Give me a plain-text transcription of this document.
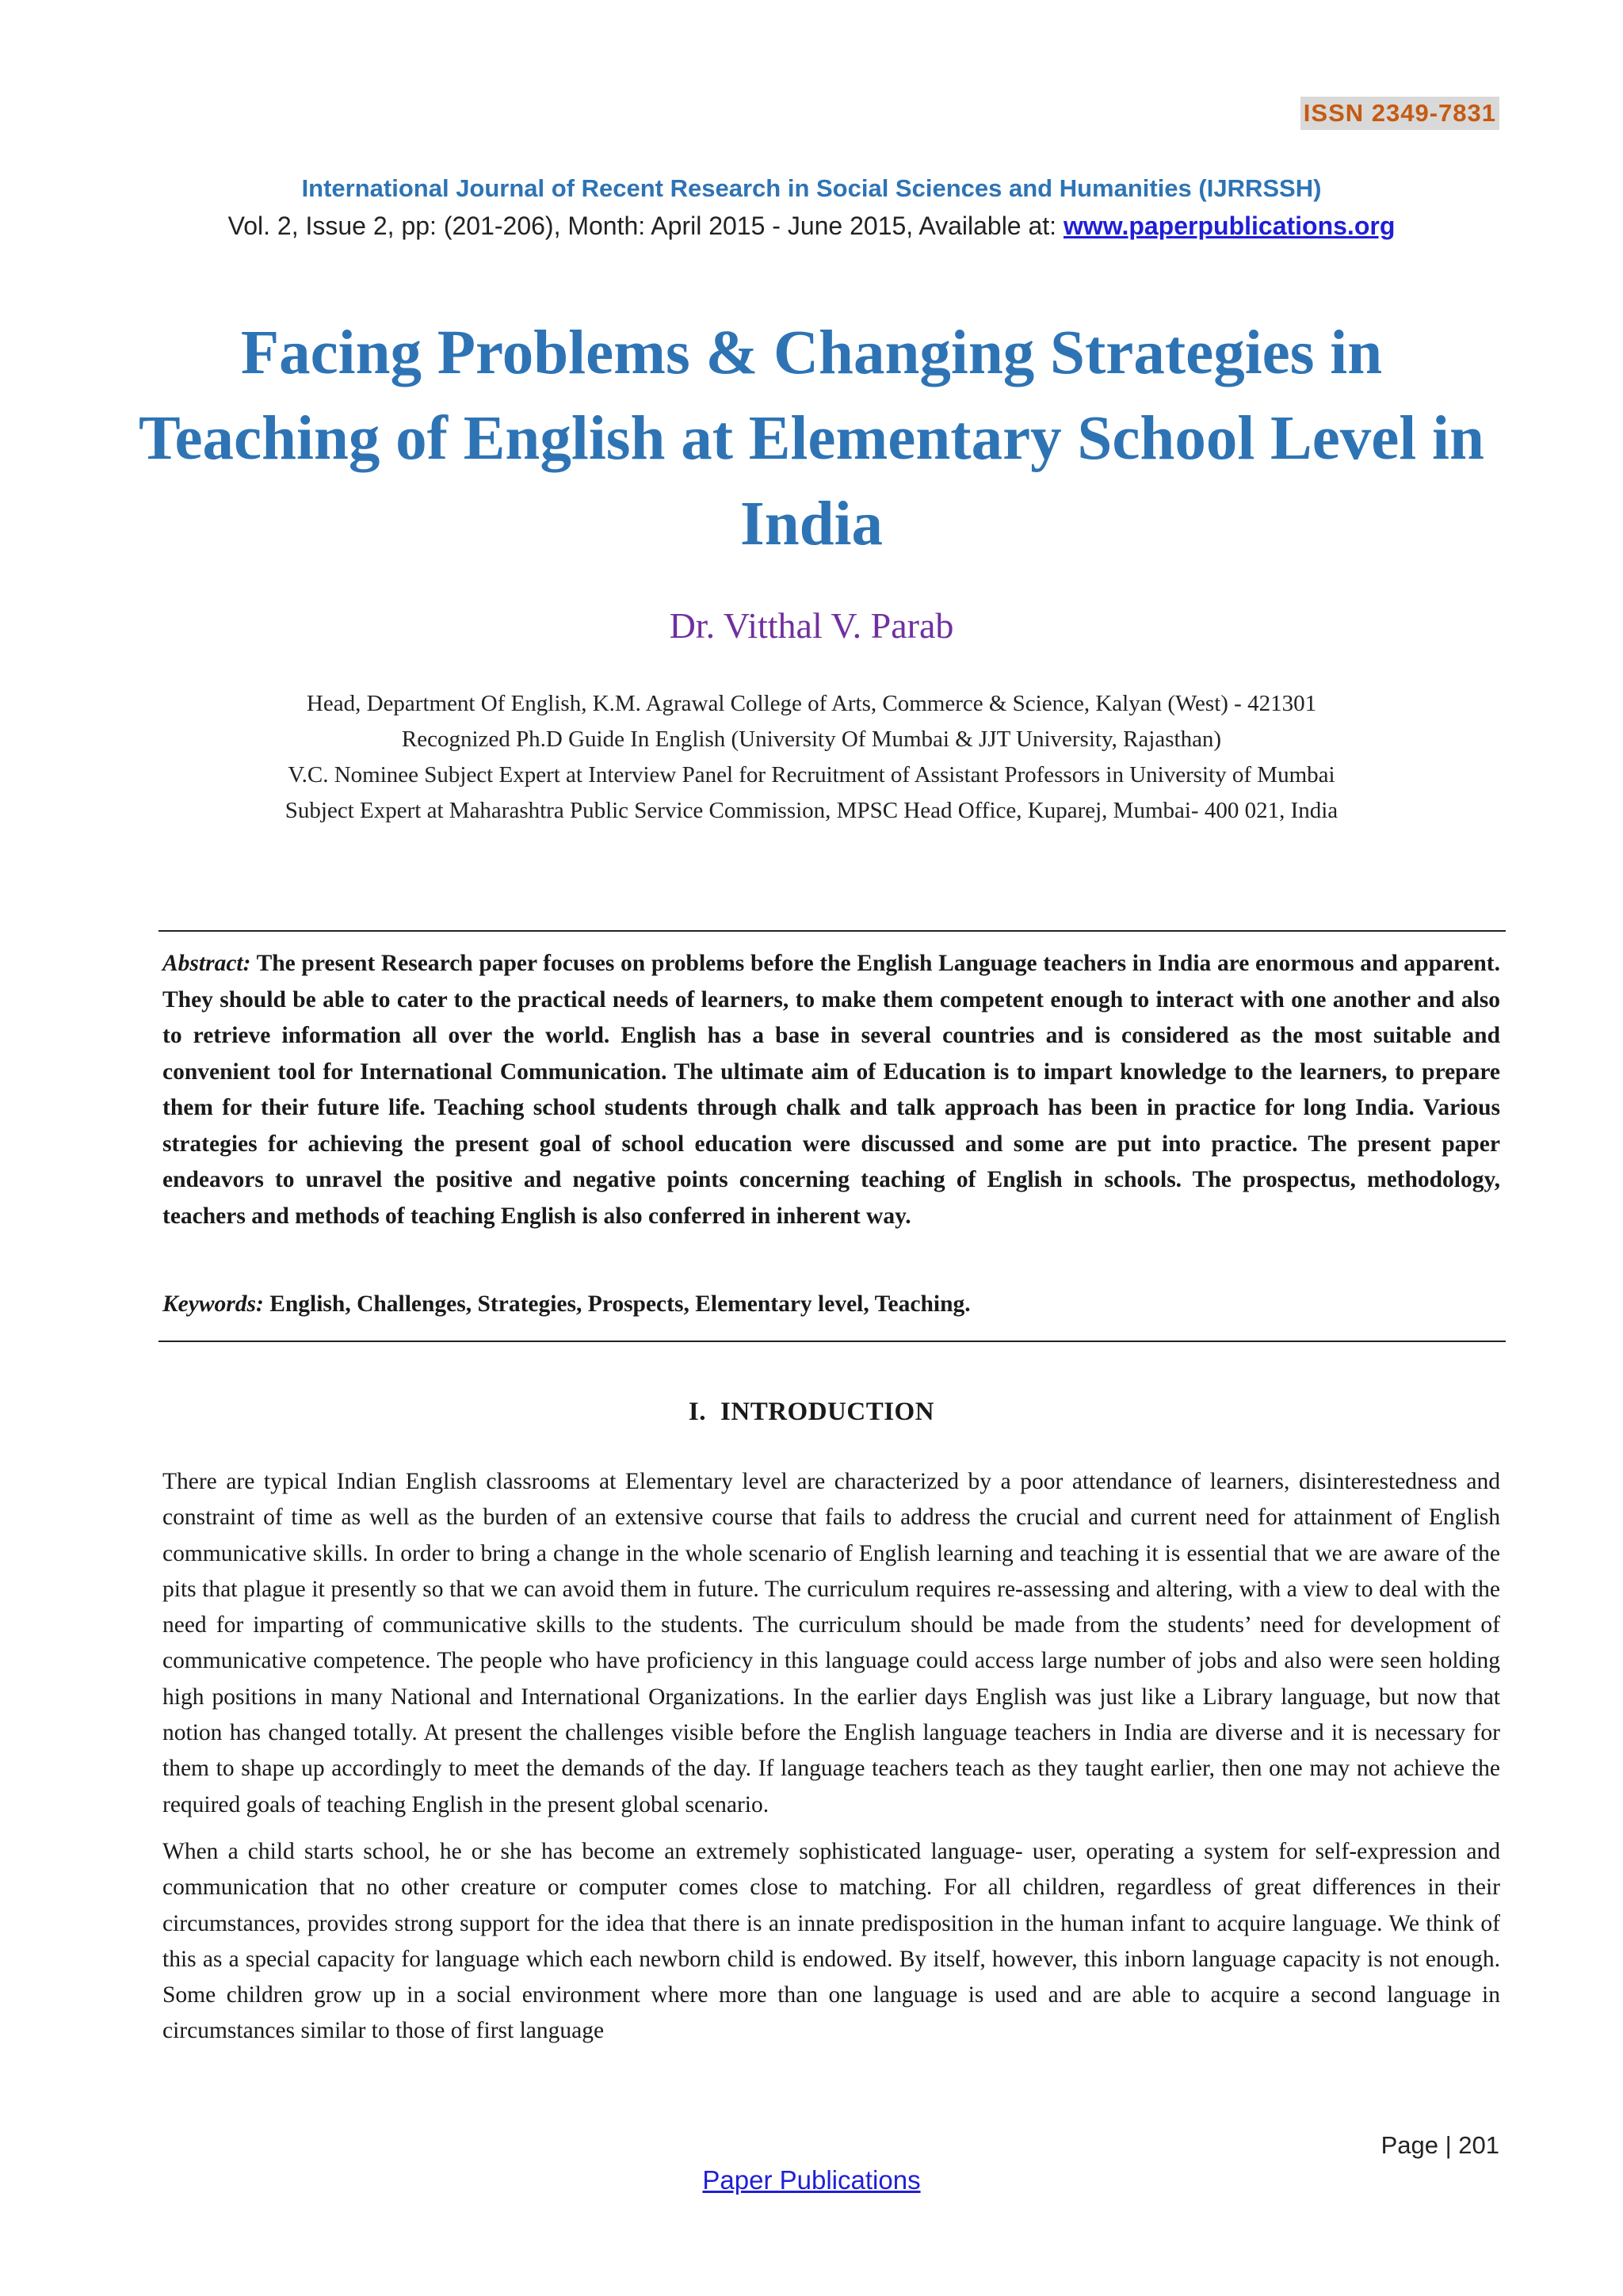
ISSN 2349-7831
International Journal of Recent Research in Social Sciences and Humanities (IJRRSSH)
Vol. 2, Issue 2, pp: (201-206), Month: April 2015 - June 2015, Available at: www.paperpublications.org
Facing Problems & Changing Strategies in Teaching of English at Elementary School Level in India
Dr. Vitthal V. Parab
Head, Department Of English, K.M. Agrawal College of Arts, Commerce & Science, Kalyan (West) - 421301
Recognized Ph.D Guide In English (University Of Mumbai & JJT University, Rajasthan)
V.C. Nominee Subject Expert at Interview Panel for Recruitment of Assistant Professors in University of Mumbai
Subject Expert at Maharashtra Public Service Commission, MPSC Head Office, Kuparej, Mumbai- 400 021, India

Abstract: The present Research paper focuses on problems before the English Language teachers in India are enormous and apparent. They should be able to cater to the practical needs of learners, to make them competent enough to interact with one another and also to retrieve information all over the world. English has a base in several countries and is considered as the most suitable and convenient tool for International Communication. The ultimate aim of Education is to impart knowledge to the learners, to prepare them for their future life. Teaching school students through chalk and talk approach has been in practice for long India. Various strategies for achieving the present goal of school education were discussed and some are put into practice. The present paper endeavors to unravel the positive and negative points concerning teaching of English in schools. The prospectus, methodology, teachers and methods of teaching English is also conferred in inherent way.

Keywords: English, Challenges, Strategies, Prospects, Elementary level, Teaching.

I. INTRODUCTION

There are typical Indian English classrooms at Elementary level are characterized by a poor attendance of learners, disinterestedness and constraint of time as well as the burden of an extensive course that fails to address the crucial and current need for attainment of English communicative skills. In order to bring a change in the whole scenario of English learning and teaching it is essential that we are aware of the pits that plague it presently so that we can avoid them in future. The curriculum requires re-assessing and altering, with a view to deal with the need for imparting of communicative skills to the students. The curriculum should be made from the students’ need for development of communicative competence. The people who have proficiency in this language could access large number of jobs and also were seen holding high positions in many National and International Organizations. In the earlier days English was just like a Library language, but now that notion has changed totally. At present the challenges visible before the English language teachers in India are diverse and it is necessary for them to shape up accordingly to meet the demands of the day. If language teachers teach as they taught earlier, then one may not achieve the required goals of teaching English in the present global scenario.

When a child starts school, he or she has become an extremely sophisticated language- user, operating a system for self-expression and communication that no other creature or computer comes close to matching. For all children, regardless of great differences in their circumstances, provides strong support for the idea that there is an innate predisposition in the human infant to acquire language. We think of this as a special capacity for language which each newborn child is endowed. By itself, however, this inborn language capacity is not enough. Some children grow up in a social environment where more than one language is used and are able to acquire a second language in circumstances similar to those of first language

Page | 201
Paper Publications
